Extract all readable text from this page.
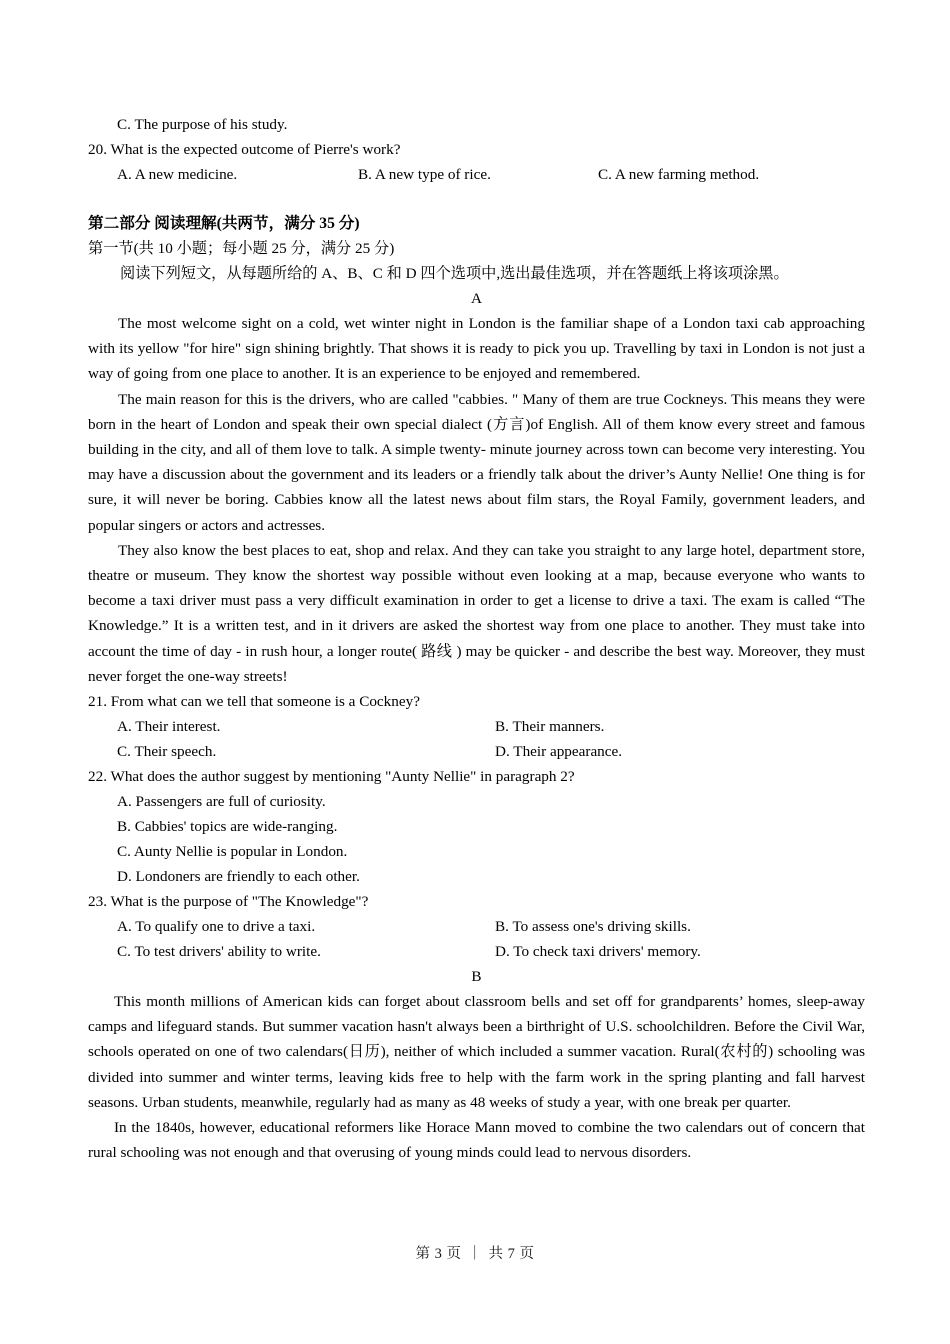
C. The purpose of his study.
20. What is the expected outcome of Pierre's work?
A. A new medicine.	B. A new type of rice.	C. A new farming method.
第二部分 阅读理解(共两节，满分 35 分)
第一节(共 10 小题；每小题 25 分，满分 25 分)
阅读下列短文，从每题所给的 A、B、C 和 D 四个选项中,选出最佳选项，并在答题纸上将该项涂黑。
A

The most welcome sight on a cold, wet winter night in London is the familiar shape of a London taxi cab approaching with its yellow "for hire" sign shining brightly. That shows it is ready to pick you up. Travelling by taxi in London is not just a way of going from one place to another. It is an experience to be enjoyed and remembered.

The main reason for this is the drivers, who are called "cabbies. " Many of them are true Cockneys. This means they were born in the heart of London and speak their own special dialect (方言)of English. All of them know every street and famous building in the city, and all of them love to talk. A simple twenty- minute journey across town can become very interesting. You may have a discussion about the government and its leaders or a friendly talk about the driver’s Aunty Nellie! One thing is for sure, it will never be boring. Cabbies know all the latest news about film stars, the Royal Family, government leaders, and popular singers or actors and actresses.

They also know the best places to eat, shop and relax. And they can take you straight to any large hotel, department store, theatre or museum. They know the shortest way possible without even looking at a map, because everyone who wants to become a taxi driver must pass a very difficult examination in order to get a license to drive a taxi. The exam is called “The Knowledge.” It is a written test, and in it drivers are asked the shortest way from one place to another. They must take into account the time of day - in rush hour, a longer route( 路线 ) may be quicker - and describe the best way. Moreover, they must never forget the one-way streets!

21. From what can we tell that someone is a Cockney?
A. Their interest.	B. Their manners.
C. Their speech.	D. Their appearance.
22. What does the author suggest by mentioning "Aunty Nellie" in paragraph 2?
A. Passengers are full of curiosity.
B. Cabbies' topics are wide-ranging.
C. Aunty Nellie is popular in London.
D. Londoners are friendly to each other.
23. What is the purpose of "The Knowledge"?
A. To qualify one to drive a taxi.	B. To assess one's driving skills.
C. To test drivers' ability to write.	D. To check taxi drivers' memory.
B

This month millions of American kids can forget about classroom bells and set off for grandparents’ homes, sleep-away camps and lifeguard stands. But summer vacation hasn't always been a birthright of U.S. schoolchildren. Before the Civil War, schools operated on one of two calendars(日历), neither of which included a summer vacation. Rural(农村的) schooling was divided into summer and winter terms, leaving kids free to help with the farm work in the spring planting and fall harvest seasons. Urban students, meanwhile, regularly had as many as 48 weeks of study a year, with one break per quarter.

In the 1840s, however, educational reformers like Horace Mann moved to combine the two calendars out of concern that rural schooling was not enough and that overusing of young minds could lead to nervous disorders.

第 3 页 ｜ 共 7 页
